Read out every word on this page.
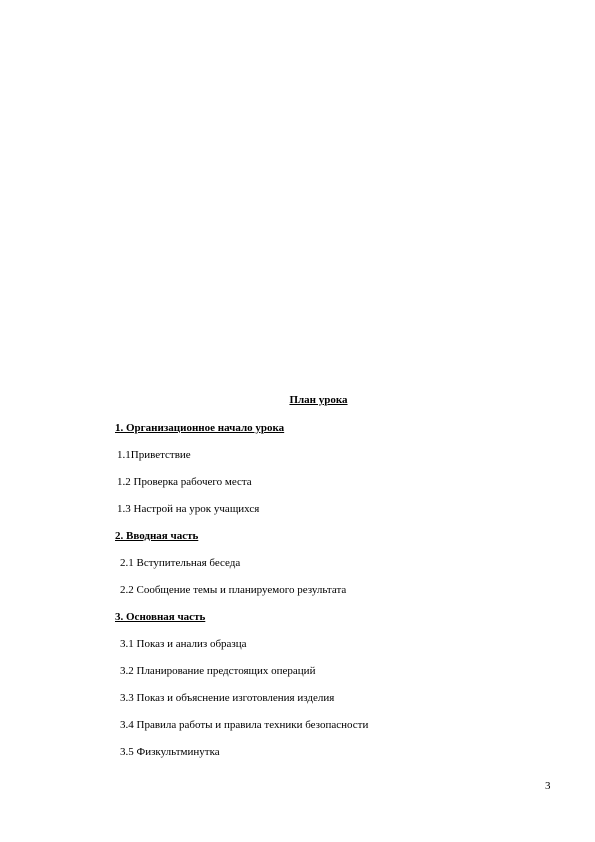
План урока
1. Организационное начало урока
1.1Приветствие
1.2 Проверка рабочего места
1.3 Настрой на урок учащихся
2. Вводная часть
2.1 Вступительная беседа
2.2 Сообщение темы и планируемого результата
3. Основная часть
3.1 Показ и анализ образца
3.2 Планирование предстоящих операций
3.3 Показ и объяснение изготовления изделия
3.4 Правила работы и правила техники безопасности
3.5 Физкультминутка
3
